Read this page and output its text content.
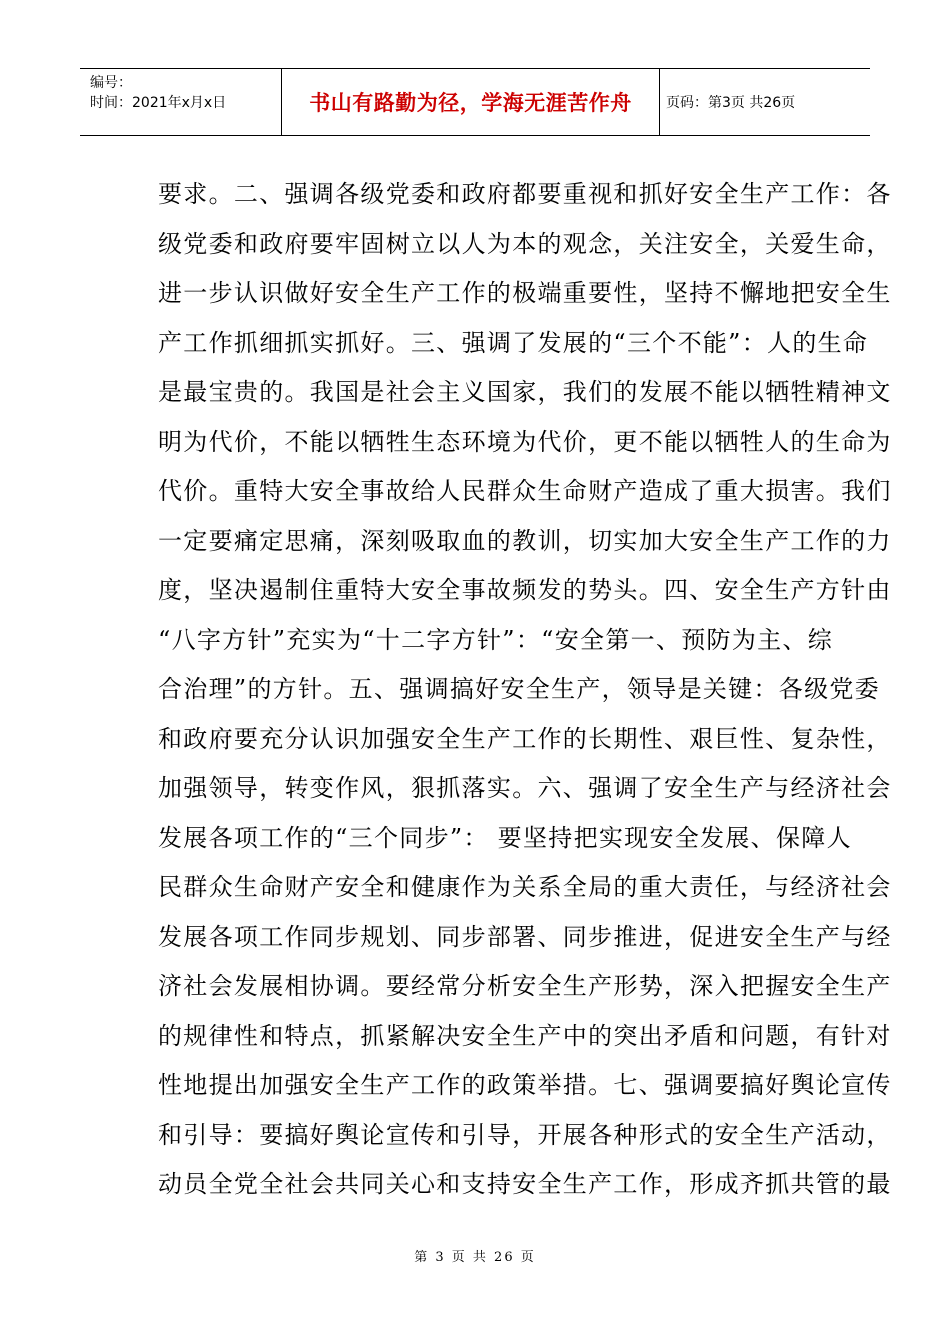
编号：
时间：2021年x月x日	书山有路勤为径，学海无涯苦作舟	页码：第3页 共26页
要求。二、强调各级党委和政府都要重视和抓好安全生产工作：各
级党委和政府要牢固树立以人为本的观念，关注安全，关爱生命，
进一步认识做好安全生产工作的极端重要性，坚持不懈地把安全生
产工作抓细抓实抓好。三、强调了发展的“三个不能”：人的生命
是最宝贵的。我国是社会主义国家，我们的发展不能以牺牲精神文
明为代价，不能以牺牲生态环境为代价，更不能以牺牲人的生命为
代价。重特大安全事故给人民群众生命财产造成了重大损害。我们
一定要痛定思痛，深刻吸取血的教训，切实加大安全生产工作的力
度，坚决遏制住重特大安全事故频发的势头。四、安全生产方针由
“八字方针”充实为“十二字方针”：“安全第一、预防为主、综
合治理”的方针。五、强调搞好安全生产，领导是关键：各级党委
和政府要充分认识加强安全生产工作的长期性、艰巨性、复杂性，
加强领导，转变作风，狠抓落实。六、强调了安全生产与经济社会
发展各项工作的“三个同步”： 要坚持把实现安全发展、保障人
民群众生命财产安全和健康作为关系全局的重大责任，与经济社会
发展各项工作同步规划、同步部署、同步推进，促进安全生产与经
济社会发展相协调。要经常分析安全生产形势，深入把握安全生产
的规律性和特点，抓紧解决安全生产中的突出矛盾和问题，有针对
性地提出加强安全生产工作的政策举措。七、强调要搞好舆论宣传
和引导：要搞好舆论宣传和引导，开展各种形式的安全生产活动，
动员全党全社会共同关心和支持安全生产工作，形成齐抓共管的最
第 3 页 共 26 页
